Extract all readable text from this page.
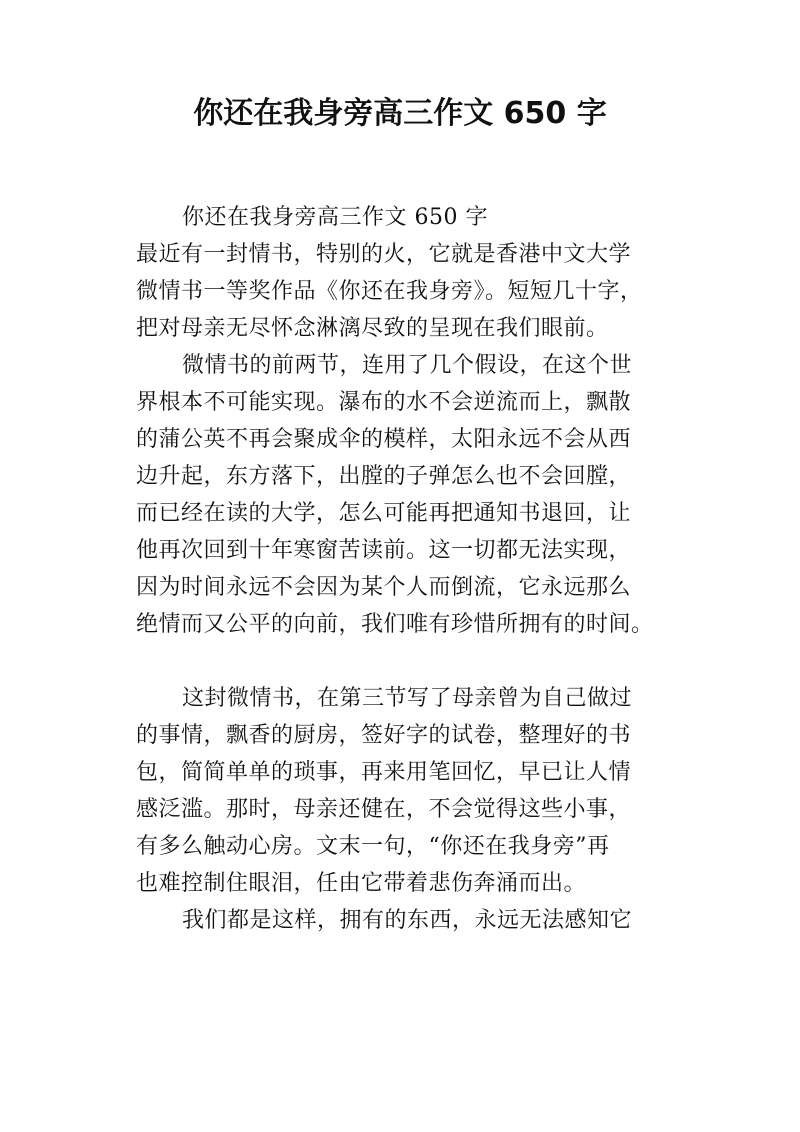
你还在我身旁高三作文 650 字
你还在我身旁高三作文 650 字
最近有一封情书，特别的火，它就是香港中文大学
微情书一等奖作品《你还在我身旁》。短短几十字，
把对母亲无尽怀念淋漓尽致的呈现在我们眼前。
微情书的前两节，连用了几个假设，在这个世
界根本不可能实现。瀑布的水不会逆流而上，飘散
的蒲公英不再会聚成伞的模样，太阳永远不会从西
边升起，东方落下，出膛的子弹怎么也不会回膛，
而已经在读的大学，怎么可能再把通知书退回，让
他再次回到十年寒窗苦读前。这一切都无法实现，
因为时间永远不会因为某个人而倒流，它永远那么
绝情而又公平的向前，我们唯有珍惜所拥有的时间。
这封微情书，在第三节写了母亲曾为自己做过
的事情，飘香的厨房，签好字的试卷，整理好的书
包，简简单单的琐事，再来用笔回忆，早已让人情
感泛滥。那时，母亲还健在，不会觉得这些小事，
有多么触动心房。文末一句，“你还在我身旁”再
也难控制住眼泪，任由它带着悲伤奔涌而出。
我们都是这样，拥有的东西，永远无法感知它
